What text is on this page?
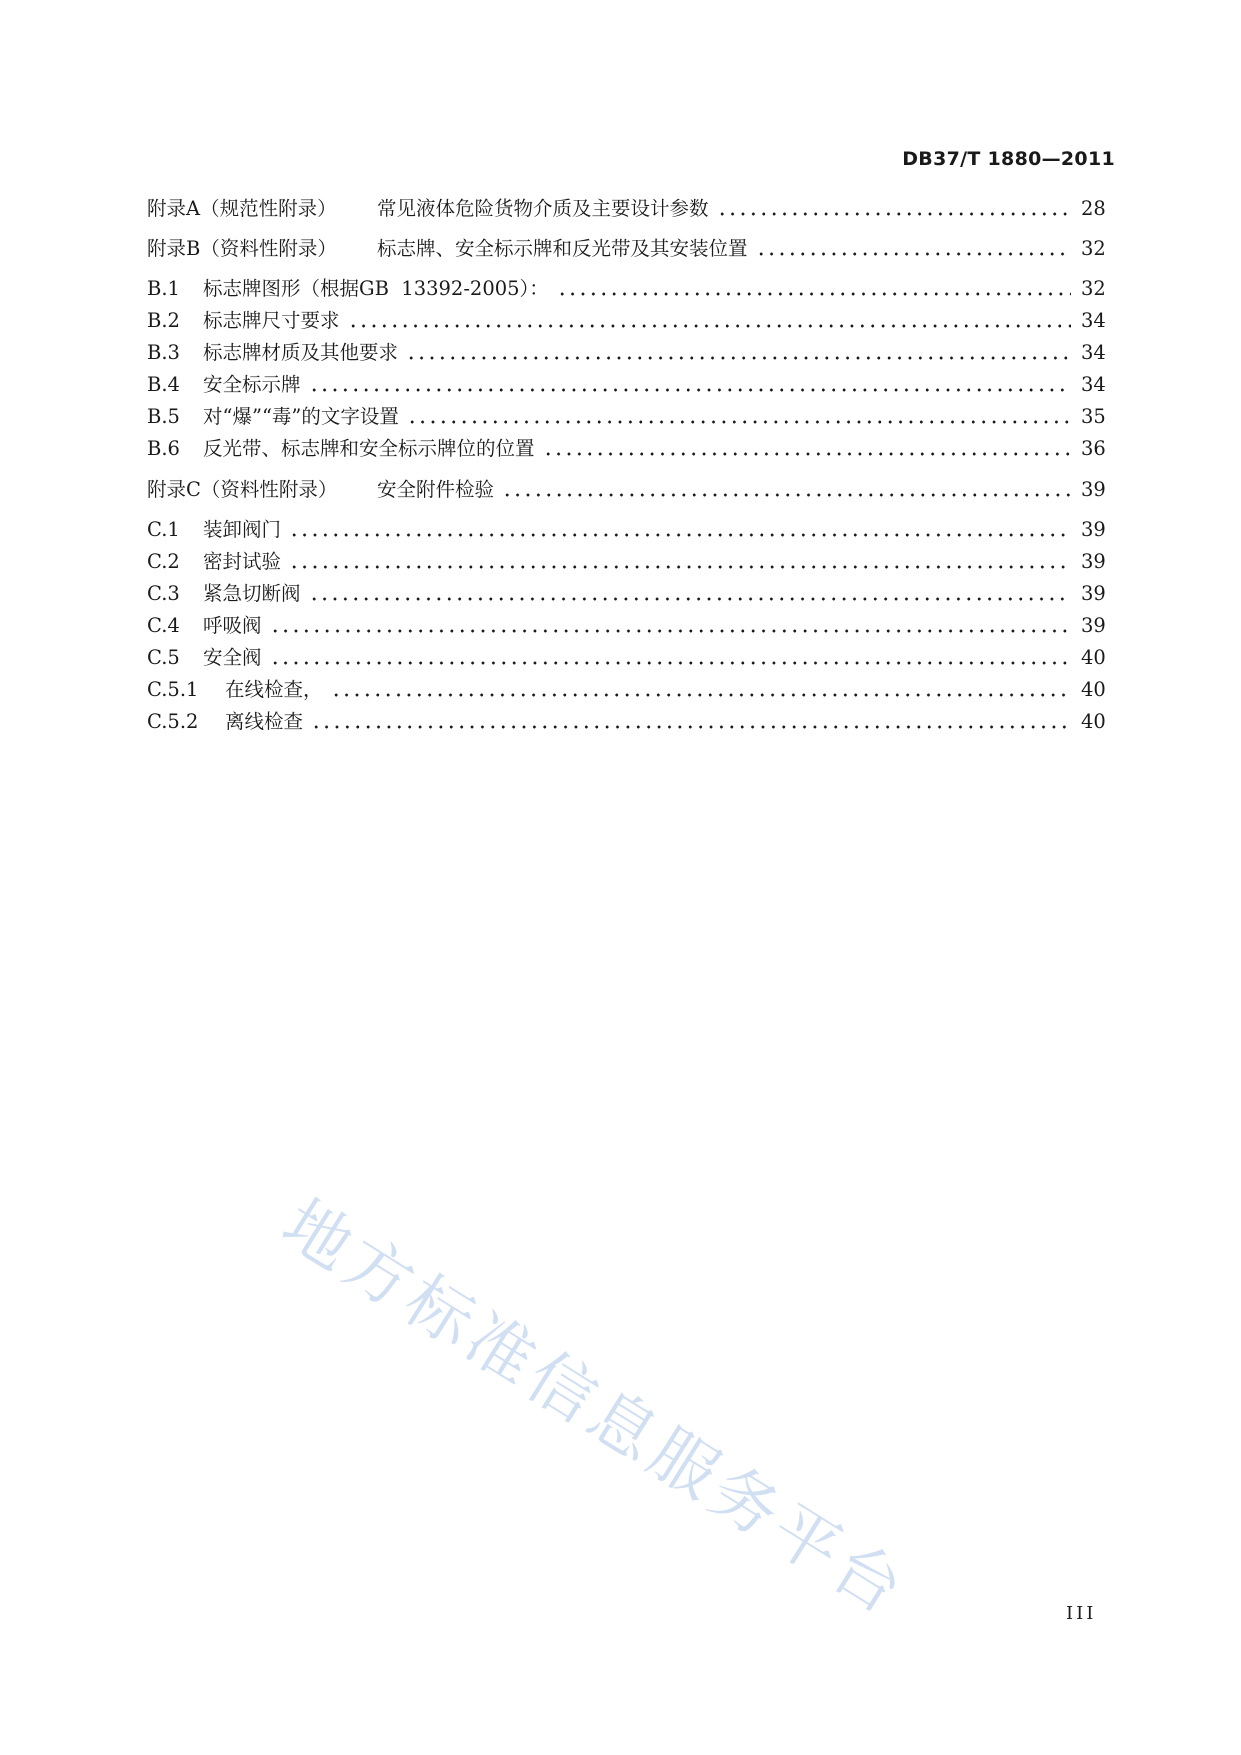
DB37/T 1880—2011
附录A（规范性附录） 常见液体危险货物介质及主要设计参数	28
附录B（资料性附录） 标志牌、安全标示牌和反光带及其安装位置	32
B.1 标志牌图形（根据GB  13392-2005）：	32
B.2 标志牌尺寸要求	34
B.3 标志牌材质及其他要求	34
B.4 安全标示牌	34
B.5 对“爆”“毒”的文字设置	35
B.6 反光带、标志牌和安全标示牌位的位置	36
附录C（资料性附录） 安全附件检验	39
C.1 装卸阀门	39
C.2 密封试验	39
C.3 紧急切断阀	39
C.4 呼吸阀	39
C.5 安全阀	40
C.5.1 在线检查，	40
C.5.2 离线检查	40
地方标准信息服务平台	III
